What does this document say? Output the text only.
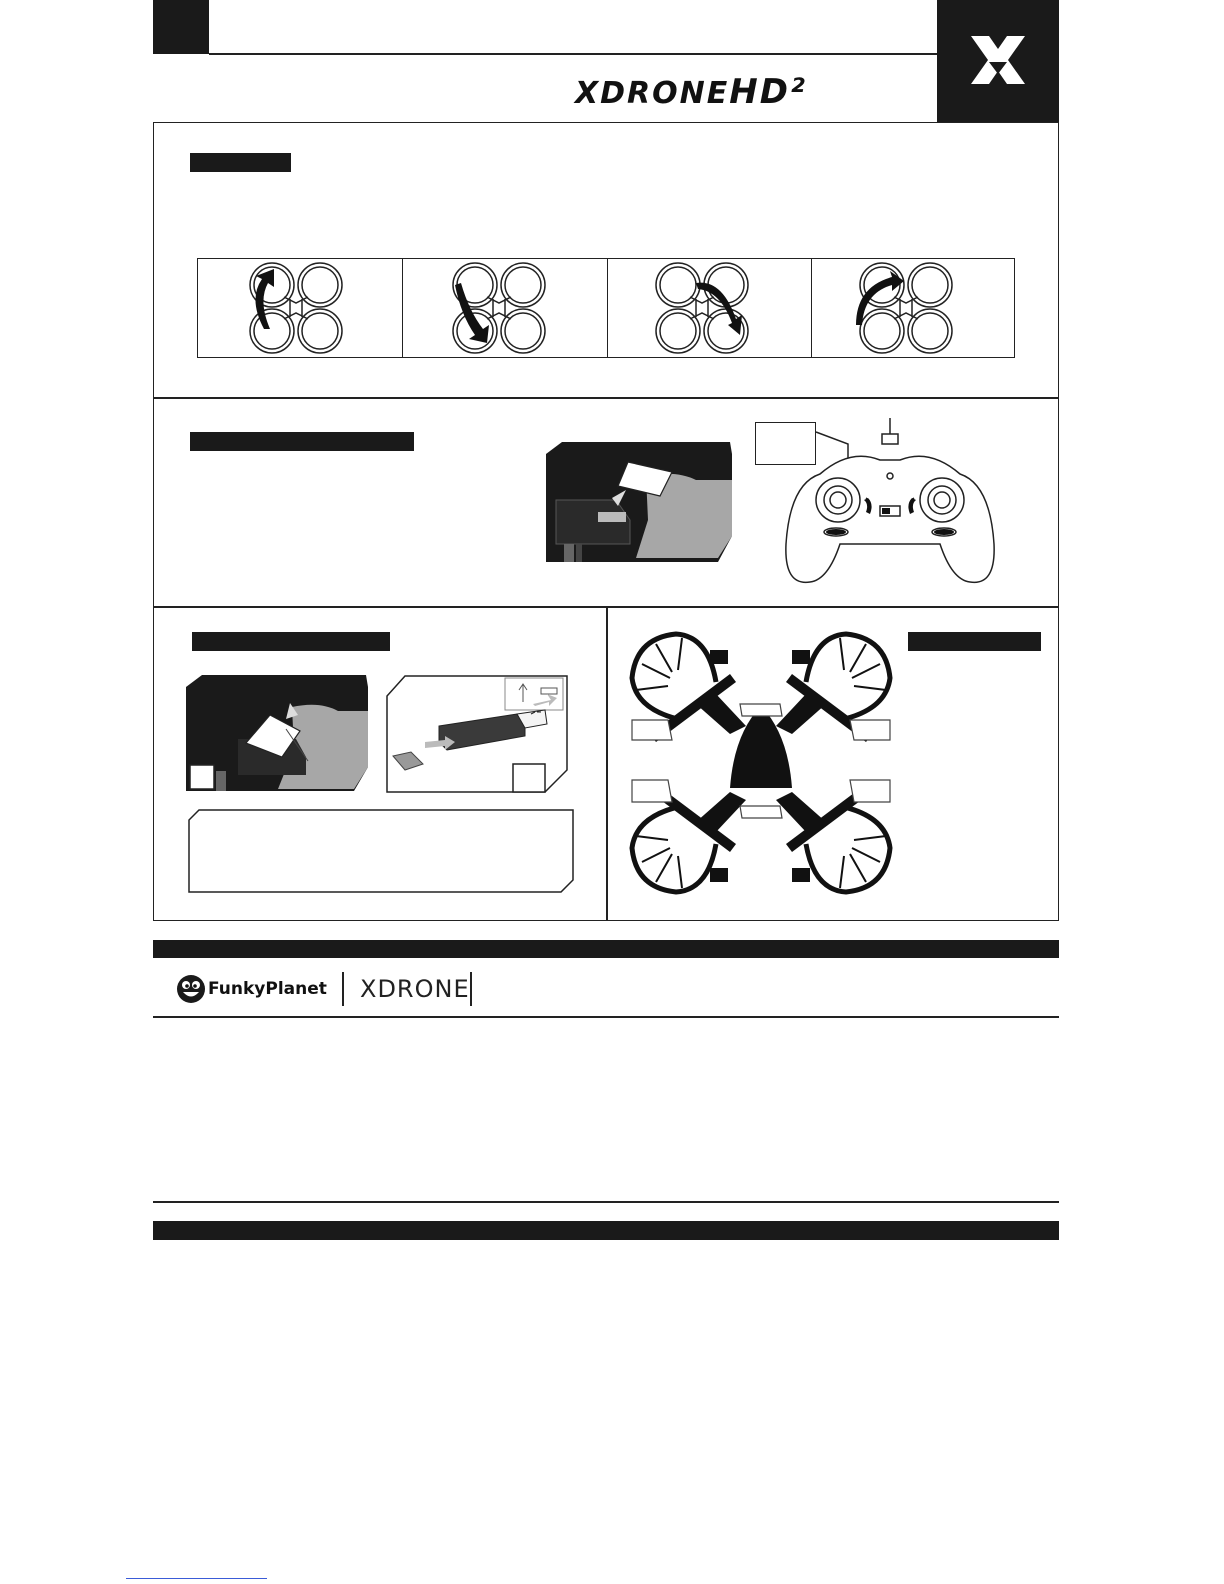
XDRONEHD²
FunkyPlanet XDRONE
